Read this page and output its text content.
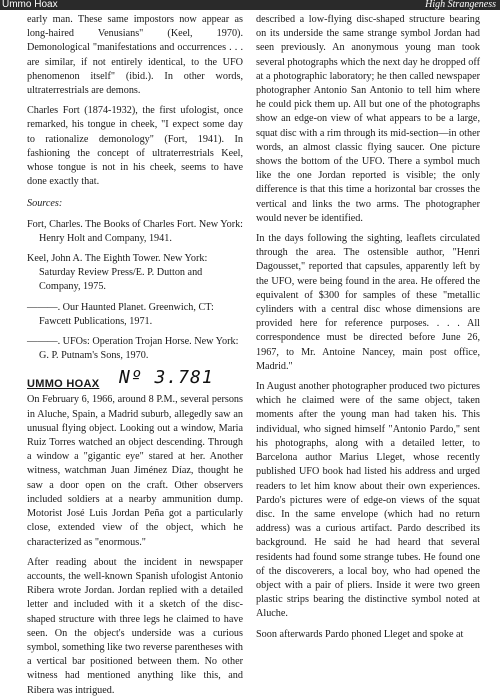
Ummo Hoax	High Strangeness

early man. These same impostors now appear as long-haired Venusians" (Keel, 1970). Demonological "manifestations and occurrences . . . are similar, if not entirely identical, to the UFO phenomenon itself" (ibid.). In other words, ultraterrestrials are demons.

Charles Fort (1874-1932), the first ufologist, once remarked, his tongue in cheek, "I expect some day to rationalize demonology" (Fort, 1941). In fashioning the concept of ultraterrestrials Keel, whose tongue is not in his cheek, seems to have done exactly that.

Sources:

Fort, Charles. The Books of Charles Fort. New York: Henry Holt and Company, 1941.

Keel, John A. The Eighth Tower. New York: Saturday Review Press/E. P. Dutton and Company, 1975.

———. Our Haunted Planet. Greenwich, CT: Fawcett Publications, 1971.

———. UFOs: Operation Trojan Horse. New York: G. P. Putnam's Sons, 1970.

UMMO HOAX Nº 3.781

On February 6, 1966, around 8 P.M., several persons in Aluche, Spain, a Madrid suburb, allegedly saw an unusual flying object. Looking out a window, Maria Ruiz Torres watched an object descending. Through a window a "gigantic eye" stared at her. Another witness, watchman Juan Jiménez Díaz, thought he saw a door open on the craft. Other observers included soldiers at a nearby ammunition dump. Motorist José Luis Jordan Peña got a particularly close, extended view of the object, which he characterized as "enormous."

After reading about the incident in newspaper accounts, the well-known Spanish ufologist Antonio Ribera wrote Jordan. Jordan replied with a detailed letter and included with it a sketch of the disc-shaped structure with three legs he claimed to have seen. On the object's underside was a curious symbol, something like two reverse parentheses with a vertical bar positioned between them. No other witness had mentioned anything like this, and Ribera was intrigued.

described a low-flying disc-shaped structure bearing on its underside the same strange symbol Jordan had seen previously. An anonymous young man took several photographs which the next day he dropped off at a photographic laboratory; he then called newspaper photographer Antonio San Antonio to tell him where he could pick them up. All but one of the photographs show an edge-on view of what appears to be a large, squat disc with a rim through its mid-section—in other words, an almost classic flying saucer. One picture shows the bottom of the UFO. There a symbol much like the one Jordan reported is visible; the only difference is that this time a horizontal bar crosses the vertical and links the two arms. The photographer would never be identified.

In the days following the sighting, leaflets circulated through the area. The ostensible author, "Henri Dagousset," reported that capsules, apparently left by the UFO, were being found in the area. He offered the equivalent of $300 for samples of these "metallic cylinders with a central disc whose dimensions are provided here for reference purposes. . . . All correspondence must be directed before June 26, 1967, to Mr. Antoine Nancey, main post office, Madrid."

In August another photographer produced two pictures which he claimed were of the same object, taken moments after the young man had taken his. This individual, who signed himself "Antonio Pardo," sent his photographs, along with a detailed letter, to Barcelona author Marius Lleget, whose recently published UFO book had listed his address and urged readers to let him know about their own experiences. Pardo's pictures were of edge-on views of the squat disc. In the same envelope (which had no return address) was a curious artifact. Pardo described its background. He said he had heard that several residents had found some strange tubes. He found one of the discoverers, a local boy, who had opened the object with a pair of pliers. Inside it were two green plastic strips bearing the distinctive symbol noted at Aluche.

Soon afterwards Pardo phoned Lleget and spoke at
